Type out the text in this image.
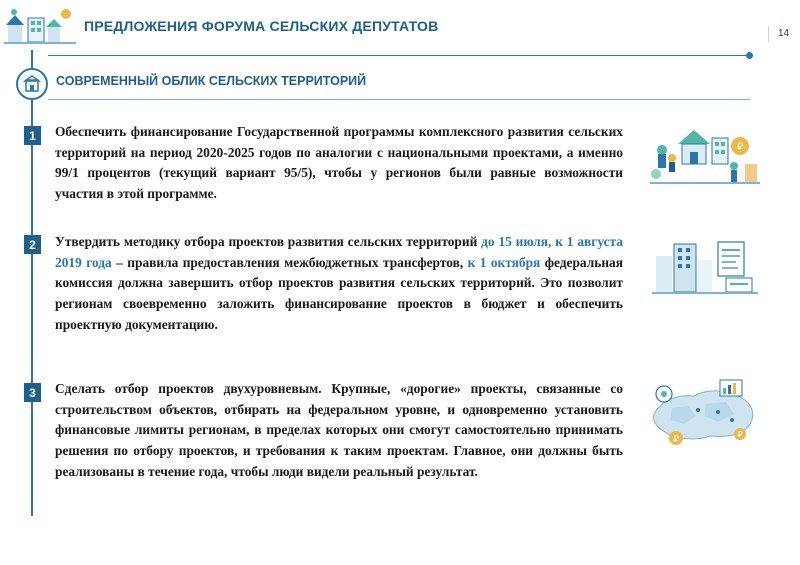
ПРЕДЛОЖЕНИЯ ФОРУМА СЕЛЬСКИХ ДЕПУТАТОВ	14
СОВРЕМЕННЫЙ ОБЛИК СЕЛЬСКИХ ТЕРРИТОРИЙ
1	Обеспечить финансирование Государственной программы комплексного развития сельских территорий на период 2020-2025 годов по аналогии с национальными проектами, а именно 99/1 процентов (текущий вариант 95/5), чтобы у регионов были равные возможности участия в этой программе.
₽
2	Утвердить методику отбора проектов развития сельских территорий до 15 июля, к 1 августа 2019 года – правила предоставления межбюджетных трансфертов, к 1 октября федеральная комиссия должна завершить отбор проектов развития сельских территорий. Это позволит регионам своевременно заложить финансирование проектов в бюджет и обеспечить проектную документацию.
3	Сделать отбор проектов двухуровневым. Крупные, «дорогие» проекты, связанные со строительством объектов, отбирать на федеральном уровне, и одновременно установить финансовые лимиты регионам, в пределах которых они смогут самостоятельно принимать решения по отбору проектов, и требования к таким проектам. Главное, они должны быть реализованы в течение года, чтобы люди видели реальный результат.
₽	₽
